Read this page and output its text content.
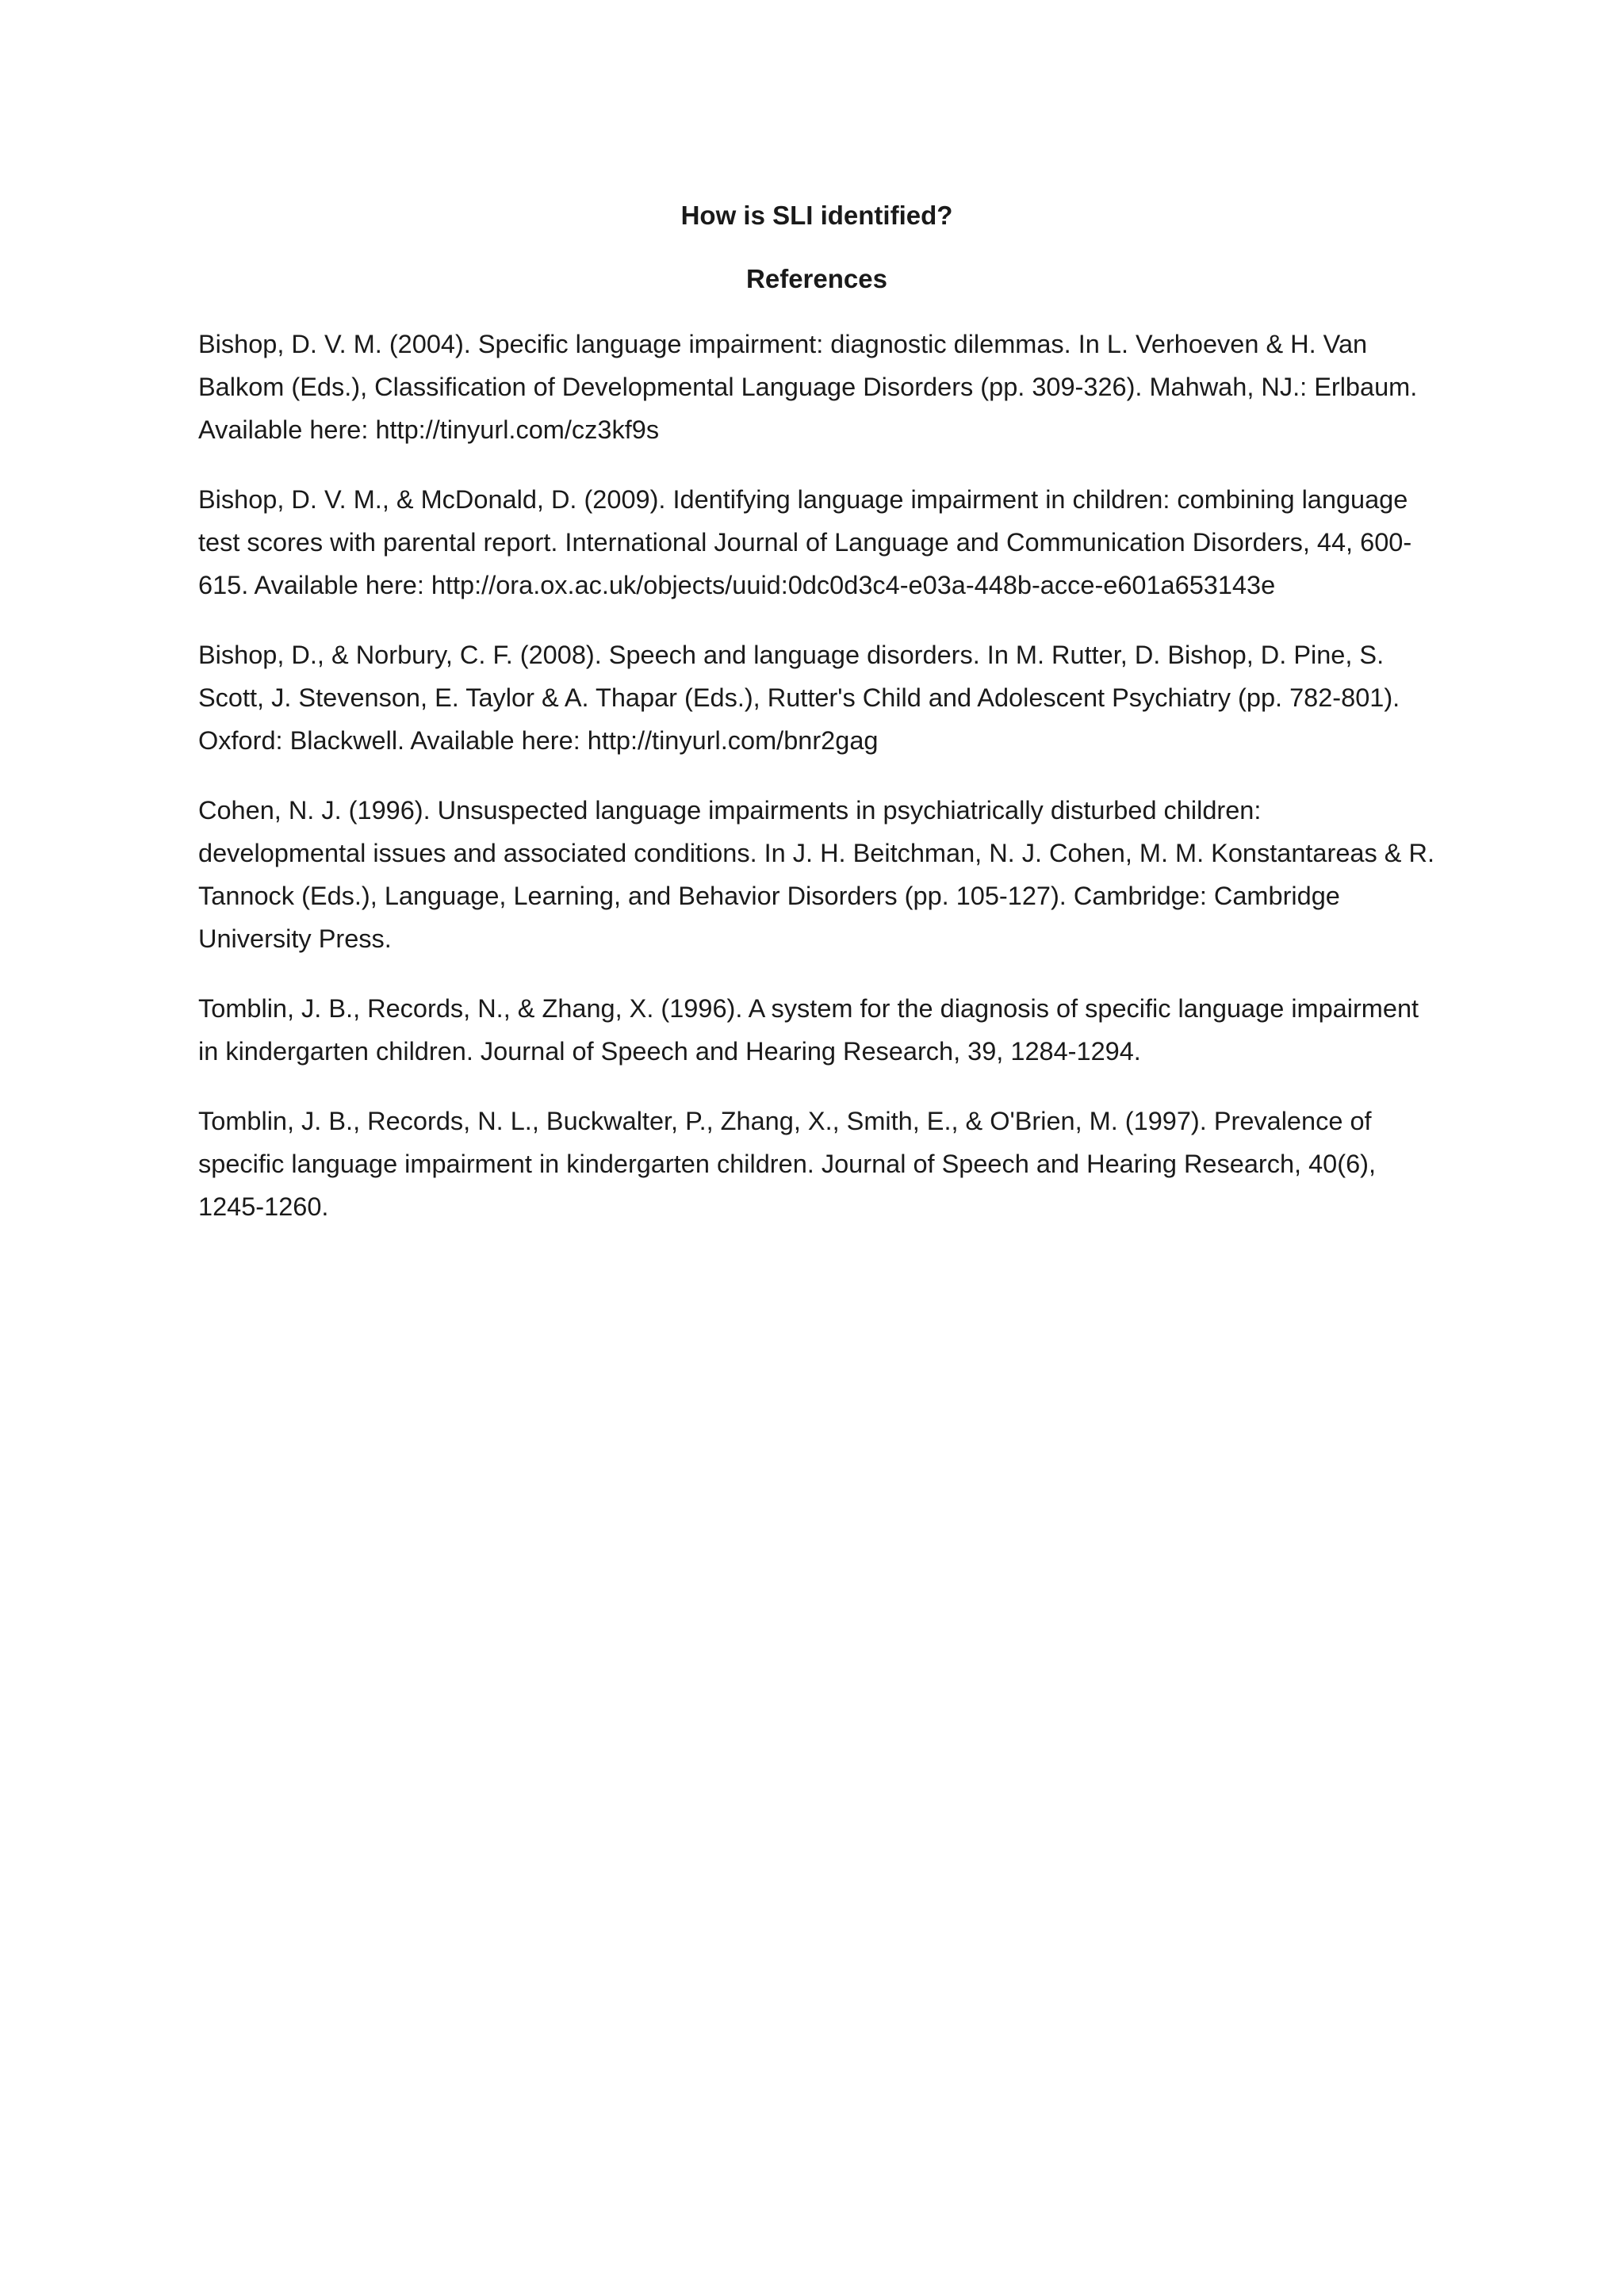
How is SLI identified?
References
Bishop, D. V. M. (2004). Specific language impairment: diagnostic dilemmas. In L. Verhoeven & H. Van Balkom (Eds.), Classification of Developmental Language Disorders (pp. 309-326). Mahwah, NJ.: Erlbaum. Available here: http://tinyurl.com/cz3kf9s
Bishop, D. V. M., & McDonald, D. (2009). Identifying language impairment in children: combining language test scores with parental report. International Journal of Language and Communication Disorders, 44, 600-615. Available here: http://ora.ox.ac.uk/objects/uuid:0dc0d3c4-e03a-448b-acce-e601a653143e
Bishop, D., & Norbury, C. F. (2008). Speech and language disorders. In M. Rutter, D. Bishop, D. Pine, S. Scott, J. Stevenson, E. Taylor & A. Thapar (Eds.), Rutter's Child and Adolescent Psychiatry (pp. 782-801). Oxford: Blackwell. Available here: http://tinyurl.com/bnr2gag
Cohen, N. J. (1996). Unsuspected language impairments in psychiatrically disturbed children: developmental issues and associated conditions. In J. H. Beitchman, N. J. Cohen, M. M. Konstantareas & R. Tannock (Eds.), Language, Learning, and Behavior Disorders (pp. 105-127). Cambridge: Cambridge University Press.
Tomblin, J. B., Records, N., & Zhang, X. (1996). A system for the diagnosis of specific language impairment in kindergarten children. Journal of Speech and Hearing Research, 39, 1284-1294.
Tomblin, J. B., Records, N. L., Buckwalter, P., Zhang, X., Smith, E., & O'Brien, M. (1997). Prevalence of specific language impairment in kindergarten children. Journal of Speech and Hearing Research, 40(6), 1245-1260.
